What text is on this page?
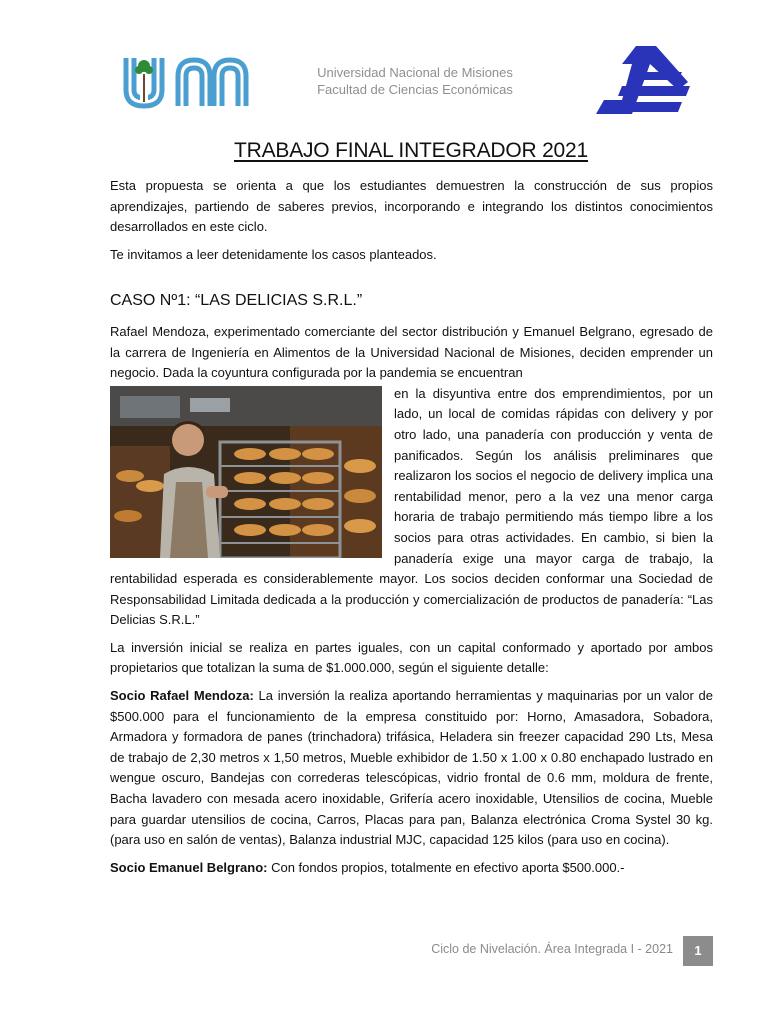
Universidad Nacional de Misiones
Facultad de Ciencias Económicas
TRABAJO FINAL INTEGRADOR 2021

Esta propuesta se orienta a que los estudiantes demuestren la construcción de sus propios aprendizajes, partiendo de saberes previos, incorporando e integrando los distintos conocimientos desarrollados en este ciclo.

Te invitamos a leer detenidamente los casos planteados.

CASO Nº1: “LAS DELICIAS S.R.L.”

Rafael Mendoza, experimentado comerciante del sector distribución y Emanuel Belgrano, egresado de la carrera de Ingeniería en Alimentos de la Universidad Nacional de Misiones, deciden emprender un negocio. Dada la coyuntura configurada por la pandemia se encuentran

en la disyuntiva entre dos emprendimientos, por un lado, un local de comidas rápidas con delivery y por otro lado, una panadería con producción y venta de panificados. Según los análisis preliminares que realizaron los socios el negocio de delivery implica una rentabilidad menor, pero a la vez una menor carga horaria de trabajo permitiendo más tiempo libre a los socios para otras actividades. En cambio, si bien la panadería exige una mayor carga de trabajo, la rentabilidad esperada es considerablemente mayor. Los socios deciden conformar una Sociedad de Responsabilidad Limitada dedicada a la producción y comercialización de productos de panadería: “Las Delicias S.R.L.”

La inversión inicial se realiza en partes iguales, con un capital conformado y aportado por ambos propietarios que totalizan la suma de $1.000.000, según el siguiente detalle:

Socio Rafael Mendoza: La inversión la realiza aportando herramientas y maquinarias por un valor de $500.000 para el funcionamiento de la empresa constituido por: Horno, Amasadora, Sobadora, Armadora y formadora de panes (trinchadora) trifásica, Heladera sin freezer capacidad 290 Lts, Mesa de trabajo de 2,30 metros x 1,50 metros, Mueble exhibidor de 1.50 x 1.00 x 0.80 enchapado lustrado en wengue oscuro, Bandejas con correderas telescópicas, vidrio frontal de 0.6 mm, moldura de frente, Bacha lavadero con mesada acero inoxidable, Grifería acero inoxidable, Utensilios de cocina, Mueble para guardar utensilios de cocina, Carros, Placas para pan, Balanza electrónica Croma Systel 30 kg. (para uso en salón de ventas), Balanza industrial MJC, capacidad 125 kilos (para uso en cocina).

Socio Emanuel Belgrano: Con fondos propios, totalmente en efectivo aporta $500.000.-

Ciclo de Nivelación. Área Integrada I - 2021	1
